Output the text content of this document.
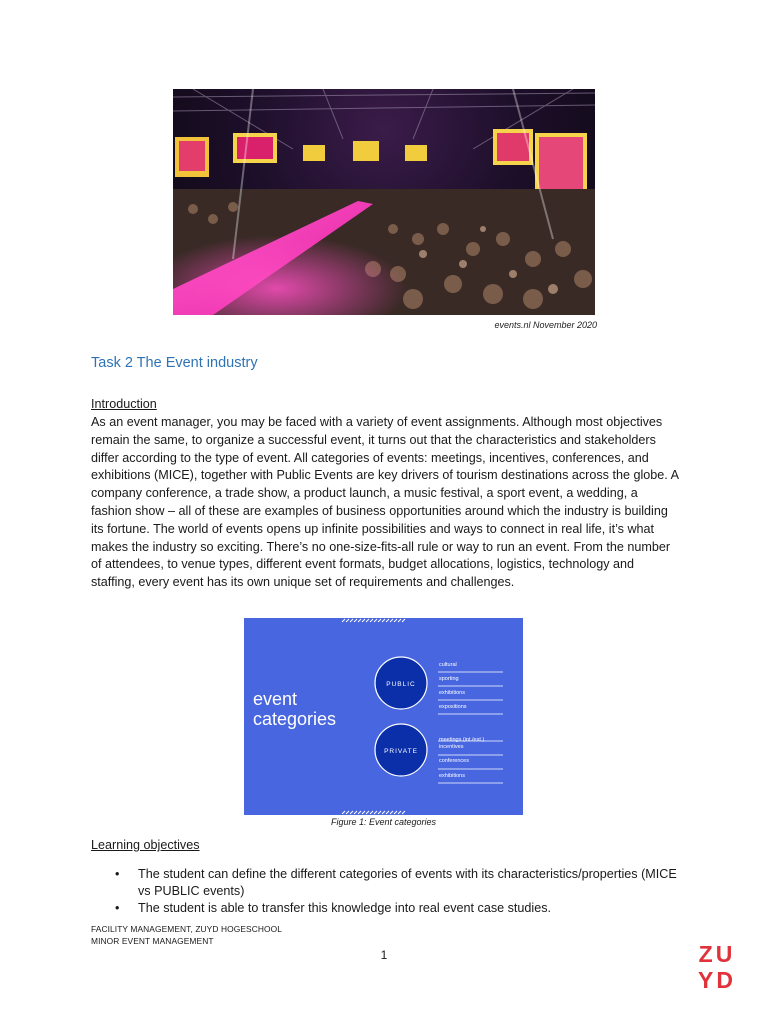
events.nl November 2020
Task 2 The Event industry
Introduction
As an event manager, you may be faced with a variety of event assignments. Although most objectives remain the same, to organize a successful event, it turns out that the characteristics and stakeholders differ according to the type of event. All categories of events: meetings, incentives, conferences, and exhibitions (MICE), together with Public Events are key drivers of tourism destinations across the globe. A company conference, a trade show, a product launch, a music festival, a sport event, a wedding, a fashion show – all of these are examples of business opportunities around which the industry is building its fortune. The world of events opens up infinite possibilities and ways to connect in real life, it’s what makes the industry so exciting. There’s no one-size-fits-all rule or way to run an event. From the number of attendees, to venue types, different event formats, budget allocations, logistics, technology and staffing, every event has its own unique set of requirements and challenges.
event
categories
PUBLIC
PRIVATE
cultural
sporting
exhibitions
expositions
meetings (int./ext.)
incentives
conferences
exhibitions
Figure 1: Event categories
Learning objectives
• The student can define the different categories of events with its characteristics/properties (MICE vs PUBLIC events)
• The student is able to transfer this knowledge into real event case studies.
FACILITY MANAGEMENT, ZUYD HOGESCHOOL
MINOR EVENT MANAGEMENT
1	ZU
YD
